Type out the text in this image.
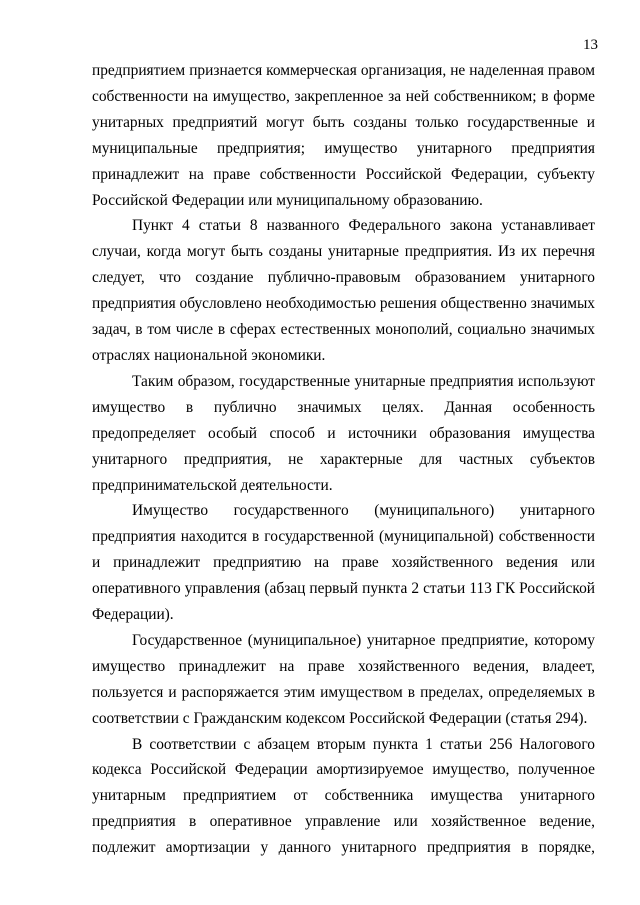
13

предприятием признается коммерческая организация, не наделенная правом собственности на имущество, закрепленное за ней собственником; в форме унитарных предприятий могут быть созданы только государственные и муниципальные предприятия; имущество унитарного предприятия принадлежит на праве собственности Российской Федерации, субъекту Российской Федерации или муниципальному образованию.

Пункт 4 статьи 8 названного Федерального закона устанавливает случаи, когда могут быть созданы унитарные предприятия. Из их перечня следует, что создание публично-правовым образованием унитарного предприятия обусловлено необходимостью решения общественно значимых задач, в том числе в сферах естественных монополий, социально значимых отраслях национальной экономики.

Таким образом, государственные унитарные предприятия используют имущество в публично значимых целях. Данная особенность предопределяет особый способ и источники образования имущества унитарного предприятия, не характерные для частных субъектов предпринимательской деятельности.

Имущество государственного (муниципального) унитарного предприятия находится в государственной (муниципальной) собственности и принадлежит предприятию на праве хозяйственного ведения или оперативного управления (абзац первый пункта 2 статьи 113 ГК Российской Федерации).

Государственное (муниципальное) унитарное предприятие, которому имущество принадлежит на праве хозяйственного ведения, владеет, пользуется и распоряжается этим имуществом в пределах, определяемых в соответствии с Гражданским кодексом Российской Федерации (статья 294).

В соответствии с абзацем вторым пункта 1 статьи 256 Налогового кодекса Российской Федерации амортизируемое имущество, полученное унитарным предприятием от собственника имущества унитарного предприятия в оперативное управление или хозяйственное ведение, подлежит амортизации у данного унитарного предприятия в порядке,
